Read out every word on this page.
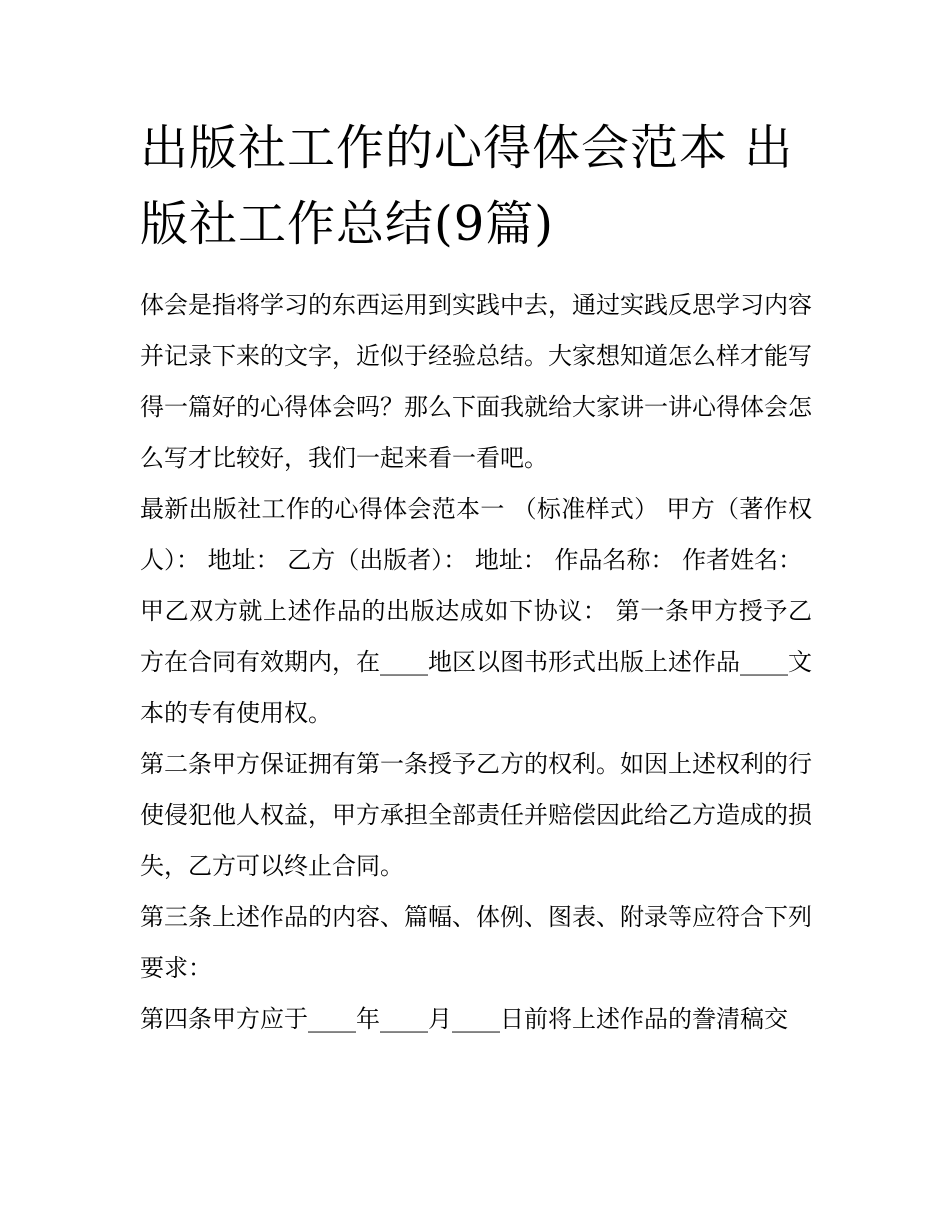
出版社工作的心得体会范本 出版社工作总结(9篇)

体会是指将学习的东西运用到实践中去，通过实践反思学习内容并记录下来的文字，近似于经验总结。大家想知道怎么样才能写得一篇好的心得体会吗？那么下面我就给大家讲一讲心得体会怎么写才比较好，我们一起来看一看吧。

最新出版社工作的心得体会范本一 （标准样式） 甲方（著作权人）： 地址： 乙方（出版者）： 地址： 作品名称： 作者姓名：

甲乙双方就上述作品的出版达成如下协议： 第一条甲方授予乙方在合同有效期内，在____地区以图书形式出版上述作品____文本的专有使用权。

第二条甲方保证拥有第一条授予乙方的权利。如因上述权利的行使侵犯他人权益，甲方承担全部责任并赔偿因此给乙方造成的损失，乙方可以终止合同。

第三条上述作品的内容、篇幅、体例、图表、附录等应符合下列要求：

第四条甲方应于____年____月____日前将上述作品的誊清稿交
